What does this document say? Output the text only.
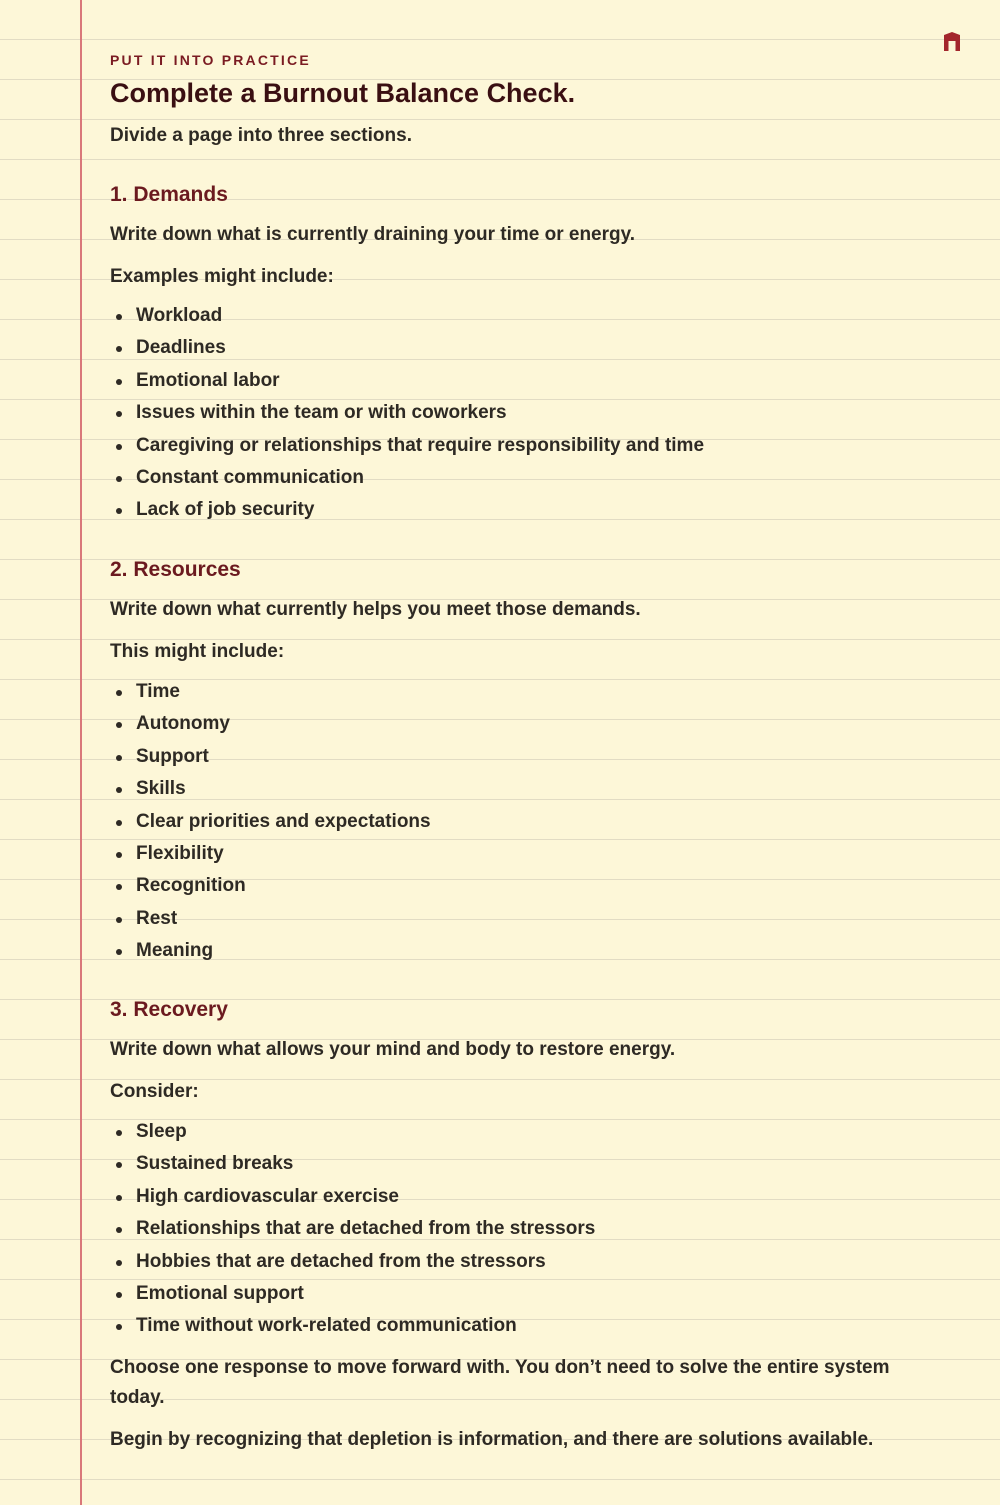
PUT IT INTO PRACTICE

Complete a Burnout Balance Check.

Divide a page into three sections.

1. Demands

Write down what is currently draining your time or energy.

Examples might include:

Workload
Deadlines
Emotional labor
Issues within the team or with coworkers
Caregiving or relationships that require responsibility and time
Constant communication
Lack of job security
2. Resources

Write down what currently helps you meet those demands.

This might include:

Time
Autonomy
Support
Skills
Clear priorities and expectations
Flexibility
Recognition
Rest
Meaning
3. Recovery

Write down what allows your mind and body to restore energy.

Consider:

Sleep
Sustained breaks
High cardiovascular exercise
Relationships that are detached from the stressors
Hobbies that are detached from the stressors
Emotional support
Time without work-related communication

Choose one response to move forward with. You don’t need to solve the entire system today.

Begin by recognizing that depletion is information, and there are solutions available.
